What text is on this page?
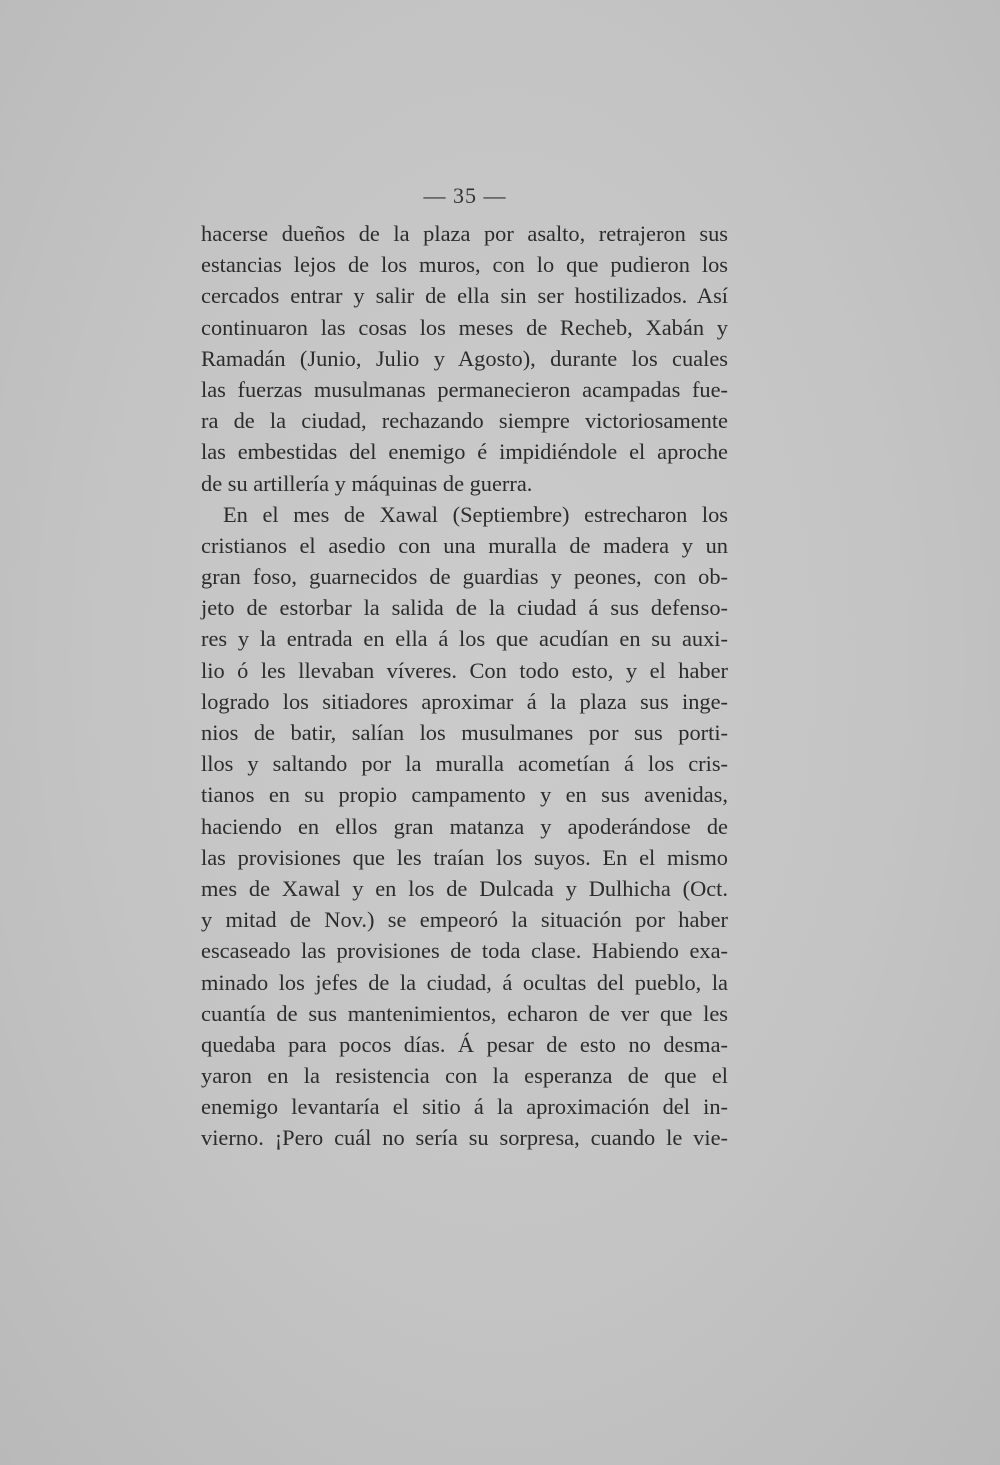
— 35 —
hacerse dueños de la plaza por asalto, retrajeron sus
estancias lejos de los muros, con lo que pudieron los
cercados entrar y salir de ella sin ser hostilizados. Así
continuaron las cosas los meses de Recheb, Xabán y
Ramadán (Junio, Julio y Agosto), durante los cuales
las fuerzas musulmanas permanecieron acampadas fue-
ra de la ciudad, rechazando siempre victoriosamente
las embestidas del enemigo é impidiéndole el aproche
de su artillería y máquinas de guerra.
En el mes de Xawal (Septiembre) estrecharon los
cristianos el asedio con una muralla de madera y un
gran foso, guarnecidos de guardias y peones, con ob-
jeto de estorbar la salida de la ciudad á sus defenso-
res y la entrada en ella á los que acudían en su auxi-
lio ó les llevaban víveres. Con todo esto, y el haber
logrado los sitiadores aproximar á la plaza sus inge-
nios de batir, salían los musulmanes por sus porti-
llos y saltando por la muralla acometían á los cris-
tianos en su propio campamento y en sus avenidas,
haciendo en ellos gran matanza y apoderándose de
las provisiones que les traían los suyos. En el mismo
mes de Xawal y en los de Dulcada y Dulhicha (Oct.
y mitad de Nov.) se empeoró la situación por haber
escaseado las provisiones de toda clase. Habiendo exa-
minado los jefes de la ciudad, á ocultas del pueblo, la
cuantía de sus mantenimientos, echaron de ver que les
quedaba para pocos días. Á pesar de esto no desma-
yaron en la resistencia con la esperanza de que el
enemigo levantaría el sitio á la aproximación del in-
vierno. ¡Pero cuál no sería su sorpresa, cuando le vie-
